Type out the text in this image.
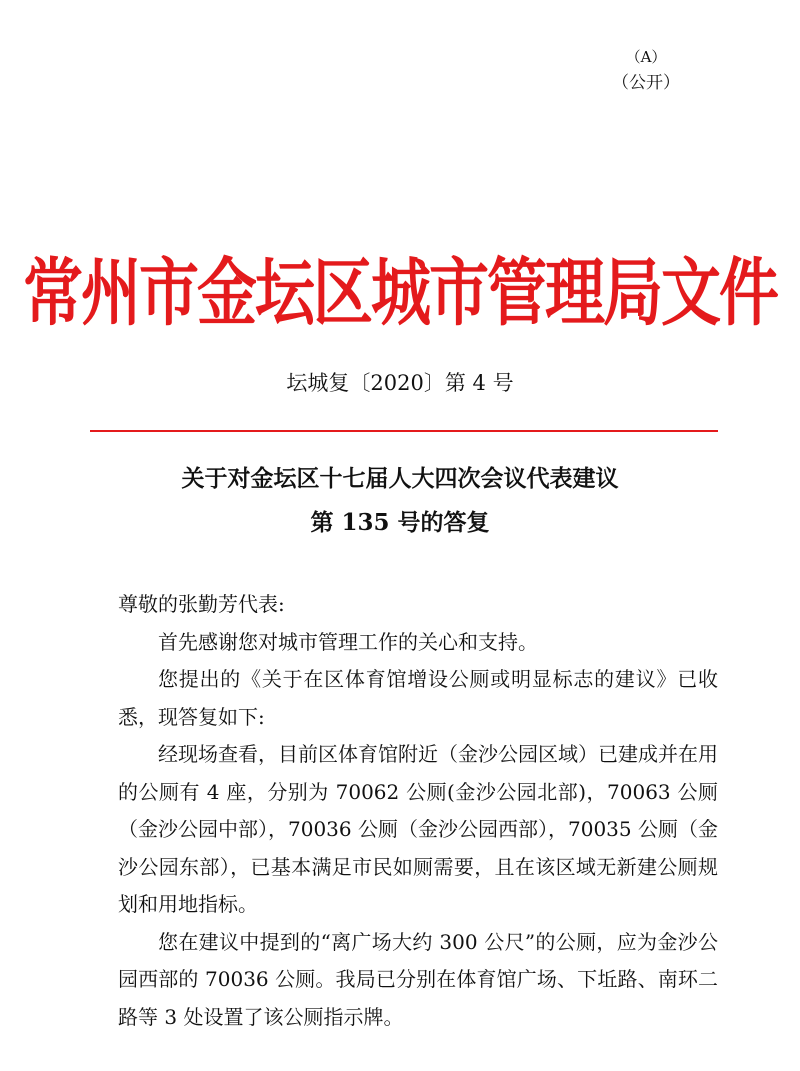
（A）
（公开）
常州市金坛区城市管理局文件
坛城复〔2020〕第 4 号
关于对金坛区十七届人大四次会议代表建议
第 135 号的答复

尊敬的张勤芳代表:

首先感谢您对城市管理工作的关心和支持。

您提出的《关于在区体育馆增设公厕或明显标志的建议》已收悉，现答复如下:

经现场查看，目前区体育馆附近（金沙公园区域）已建成并在用的公厕有 4 座，分别为 70062 公厕(金沙公园北部)，70063 公厕（金沙公园中部），70036 公厕（金沙公园西部），70035 公厕（金沙公园东部），已基本满足市民如厕需要，且在该区域无新建公厕规划和用地指标。

您在建议中提到的“离广场大约 300 公尺”的公厕，应为金沙公园西部的 70036 公厕。我局已分别在体育馆广场、下坵路、南环二路等 3 处设置了该公厕指示牌。
